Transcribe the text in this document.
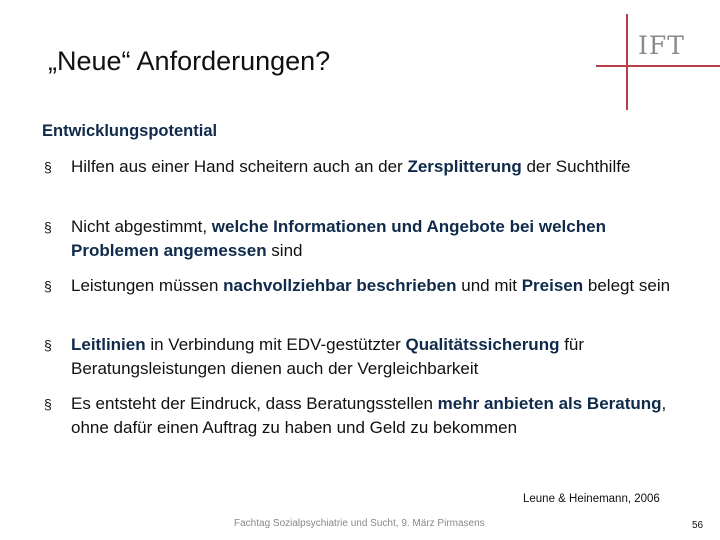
„Neue“ Anforderungen?
IFT
Entwicklungspotential
§ Hilfen aus einer Hand scheitern auch an der Zersplitterung der Suchthilfe
§ Nicht abgestimmt, welche Informationen und Angebote bei welchen Problemen angemessen sind
§ Leistungen müssen nachvollziehbar beschrieben und mit Preisen belegt sein
§ Leitlinien in Verbindung mit EDV-gestützter Qualitätssicherung für Beratungsleistungen dienen auch der Vergleichbarkeit
§ Es entsteht der Eindruck, dass Beratungsstellen mehr anbieten als Beratung, ohne dafür einen Auftrag zu haben und Geld zu bekommen
Leune & Heinemann, 2006
Fachtag Sozialpsychiatrie und Sucht, 9. März Pirmasens	56
